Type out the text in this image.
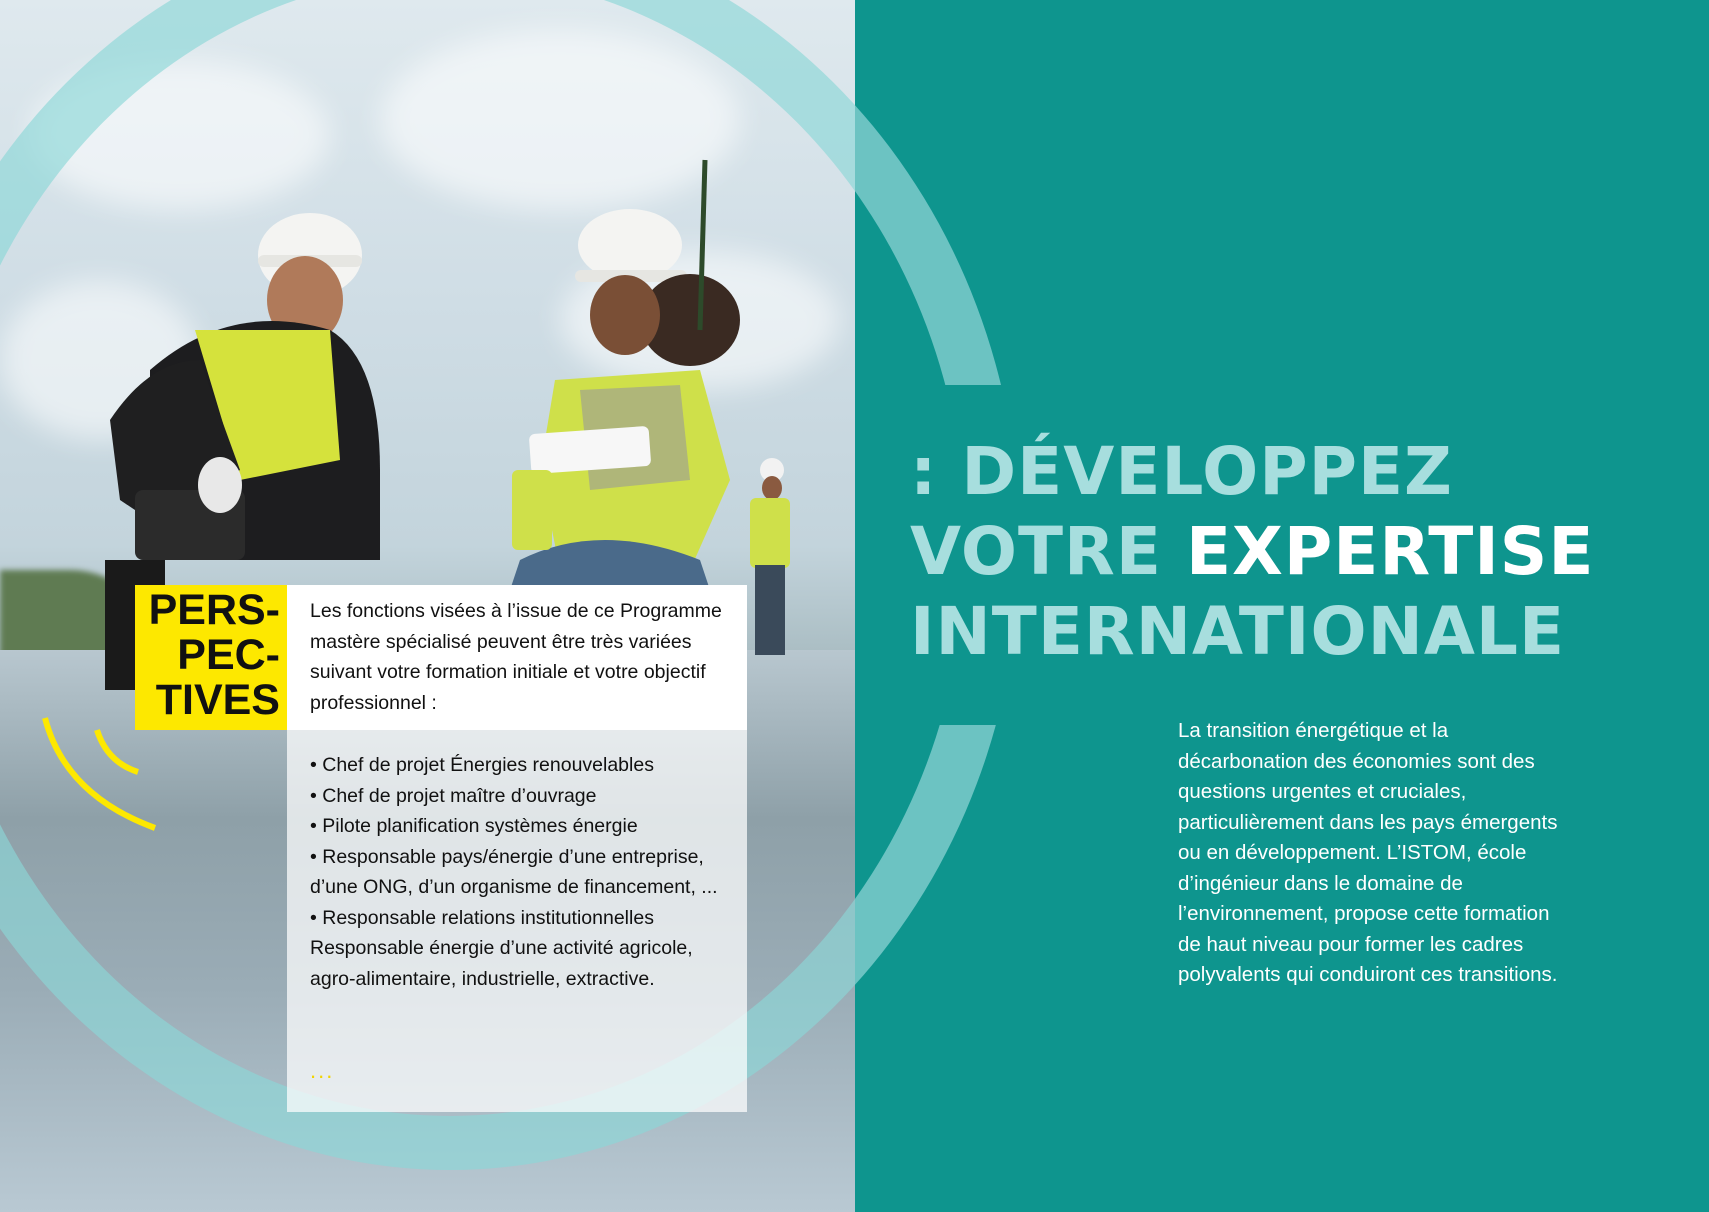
: DÉVELOPPEZ
VOTRE EXPERTISE
INTERNATIONALE

La transition énergétique et la décarbonation des économies sont des questions urgentes et cruciales, particulièrement dans les pays émergents ou en développement. L’ISTOM, école d’ingénieur dans le domaine de l’environnement, propose cette formation de haut niveau pour former les cadres polyvalents qui conduiront ces transitions.

PERS-
PEC-
TIVES
Les fonctions visées à l’issue de ce Programme mastère spécialisé peuvent être très variées suivant votre formation initiale et votre objectif professionnel :
• Chef de projet Énergies renouvelables
• Chef de projet maître d’ouvrage
• Pilote planification systèmes énergie
• Responsable pays/énergie d’une entreprise, d’une ONG, d’un organisme de financement, ...
• Responsable relations institutionnelles Responsable énergie d’une activité agricole, agro-alimentaire, industrielle, extractive.
...
